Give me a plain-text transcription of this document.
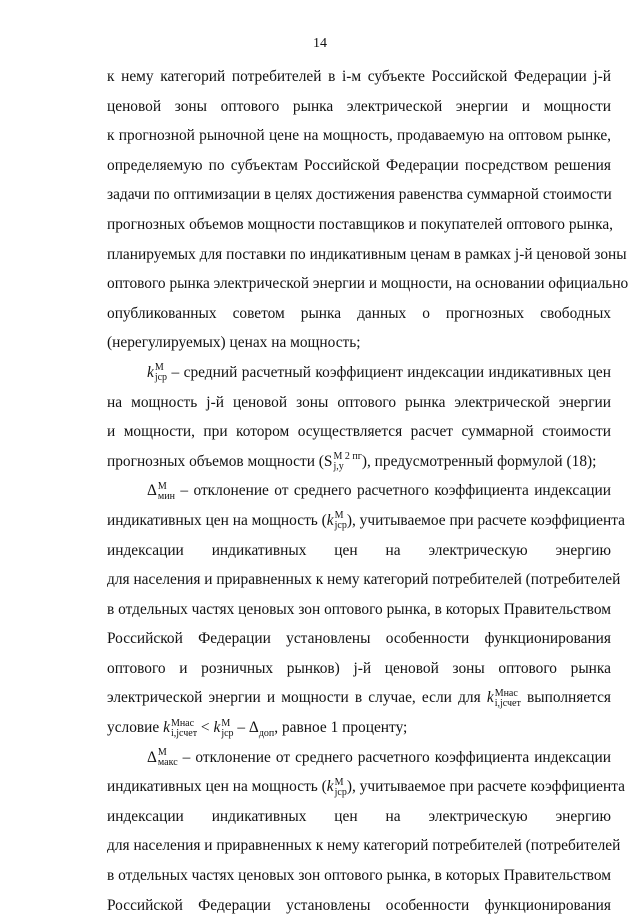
14

к нему категорий потребителей в i-м субъекте Российской Федерации j-й
ценовой зоны оптового рынка электрической энергии и мощности
к прогнозной рыночной цене на мощность, продаваемую на оптовом рынке,
определяемую по субъектам Российской Федерации посредством решения
задачи по оптимизации в целях достижения равенства суммарной стоимости
прогнозных объемов мощности поставщиков и покупателей оптового рынка,
планируемых для поставки по индикативным ценам в рамках j-й ценовой зоны
оптового рынка электрической энергии и мощности, на основании официально
опубликованных советом рынка данных о прогнозных свободных
(нерегулируемых) ценах на мощность;

k М
jср – средний расчетный коэффициент индексации индикативных цен
на мощность j-й ценовой зоны оптового рынка электрической энергии
и мощности, при котором осуществляется расчет суммарной стоимости
прогнозных объемов мощности (S М 2 пг
j,y	), предусмотренный формулой (18);

Δ М
мин – отклонение от среднего расчетного коэффициента индексации
индикативных цен на мощность (k М
jср ), учитываемое при расчете коэффициента
индексации индикативных цен на электрическую энергию
для населения и приравненных к нему категорий потребителей (потребителей
в отдельных частях ценовых зон оптового рынка, в которых Правительством
Российской Федерации установлены особенности функционирования
оптового и розничных рынков) j-й ценовой зоны оптового рынка
электрической энергии и мощности в случае, если для k Мнас
i,jсчет выполняется
условие k Мнас
i,jсчет < k М
jср – $\Delta_{доп}$, равное 1 проценту;

Δ М
макс – отклонение от среднего расчетного коэффициента индексации
индикативных цен на мощность (k М
jср ), учитываемое при расчете коэффициента
индексации индикативных цен на электрическую энергию
для населения и приравненных к нему категорий потребителей (потребителей
в отдельных частях ценовых зон оптового рынка, в которых Правительством
Российской Федерации установлены особенности функционирования
